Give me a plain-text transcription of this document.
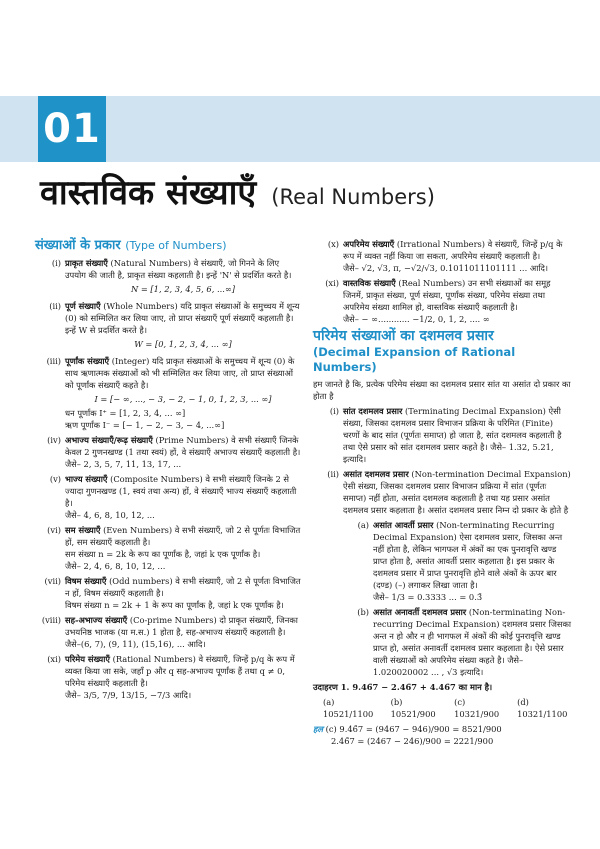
01
वास्तविक संख्याएँ (Real Numbers)
संख्याओं के प्रकार (Type of Numbers)
(i) प्राकृत संख्याएँ (Natural Numbers) वे संख्याएँ, जो गिनने के लिए उपयोग की जाती है, प्राकृत संख्या कहलाती है। इन्हें 'N' से प्रदर्शित करते है।
N = [1, 2, 3, 4, 5, 6, ...∞]
(ii) पूर्ण संख्याएँ (Whole Numbers) यदि प्राकृत संख्याओं के समुच्चय में शून्य (0) को सम्मिलित कर लिया जाए, तो प्राप्त संख्याएँ पूर्ण संख्याएँ कहलाती है। इन्हें W से प्रदर्शित करते है।
W = [0, 1, 2, 3, 4, ... ∞]
(iii) पूर्णांक संख्याएँ (Integer) यदि प्राकृत संख्याओं के समुच्चय में शून्य (0) के साथ ऋणात्मक संख्याओं को भी सम्मिलित कर लिया जाए, तो प्राप्त संख्याओं को पूर्णांक संख्याएँ कहते है।
I = [− ∞, ..., − 3, − 2, − 1, 0, 1, 2, 3, ... ∞]
धन पूर्णांक I⁺ = [1, 2, 3, 4, ... ∞]
ऋण पूर्णांक I⁻ = [− 1, − 2, − 3, − 4, ...∞]
(iv) अभाज्य संख्याएँ/रूढ़ संख्याएँ (Prime Numbers) वे सभी संख्याएँ जिनके केवल 2 गुणनखण्ड (1 तथा स्वयं) हों, वे संख्याएँ अभाज्य संख्याएँ कहलाती है।
जैसे– 2, 3, 5, 7, 11, 13, 17, ...
(v) भाज्य संख्याएँ (Composite Numbers) वे सभी संख्याएँ जिनके 2 से ज्यादा गुणनखण्ड (1, स्वयं तथा अन्य) हों, वे संख्याएँ भाज्य संख्याएँ कहलाती है।
जैसे– 4, 6, 8, 10, 12, ...
(vi) सम संख्याएँ (Even Numbers) वे सभी संख्याएँ, जो 2 से पूर्णतः विभाजित हों, सम संख्याएँ कहलाती है।
सम संख्या n = 2k के रूप का पूर्णांक है, जहां k एक पूर्णांक है।
जैसे– 2, 4, 6, 8, 10, 12, ...
(vii) विषम संख्याएँ (Odd numbers) वे सभी संख्याएँ, जो 2 से पूर्णतः विभाजित न हों, विषम संख्याएँ कहलाती है।
विषम संख्या n = 2k + 1 के रूप का पूर्णांक है, जहां k एक पूर्णांक है।
(viii) सह-अभाज्य संख्याएँ (Co-prime Numbers) दो प्राकृत संख्याएँ, जिनका उभयनिष्ठ भाजक (या म.स.) 1 होता है, सह-अभाज्य संख्याएँ कहलाती है।
जैसे–(6, 7), (9, 11), (15,16), ... आदि।
(xi) परिमेय संख्याएँ (Rational Numbers) वे संख्याएँ, जिन्हें p/q के रूप में व्यक्त किया जा सके, जहाँ p और q सह-अभाज्य पूर्णांक हैं तथा q ≠ 0, परिमेय संख्याएँ कहलाती है।
जैसे– 3/5, 7/9, 13/15, −7/3 आदि।
(x) अपरिमेय संख्याएँ (Irrational Numbers) वे संख्याएँ, जिन्हें p/q के रूप में व्यक्त नहीं किया जा सकता, अपरिमेय संख्याएँ कहलाती है।
जैसे– √2, √3, π, −√2/√3, 0.1011011101111 ... आदि।
(xi) वास्तविक संख्याएँ (Real Numbers) उन सभी संख्याओं का समूह जिनमें, प्राकृत संख्या, पूर्ण संख्या, पूर्णांक संख्या, परिमेय संख्या तथा अपरिमेय संख्या शामिल हो, वास्तविक संख्याएँ कहलाती है।
जैसे– − ∞............ −1/2, 0, 1, 2, .... ∞
परिमेय संख्याओं का दशमलव प्रसार
(Decimal Expansion of Rational Numbers)

हम जानते है कि, प्रत्येक परिमेय संख्या का दशमलव प्रसार सांत या असांत दो प्रकार का होता है

(i) सांत दशमलव प्रसार (Terminating Decimal Expansion) ऐसी संख्या, जिसका दशमलव प्रसार विभाजन प्रक्रिया के परिमित (Finite) चरणों के बाद सांत (पूर्णतः समाप्त) हो जाता है, सांत दशमलव कहलाती है तथा ऐसे प्रसार को सांत दशमलव प्रसार कहते है। जैसे– 1.32, 5.21, इत्यादि।
(ii) असांत दशमलव प्रसार (Non-termination Decimal Expansion) ऐसी संख्या, जिसका दशमलव प्रसार विभाजन प्रक्रिया में सांत (पूर्णतः समाप्त) नहीं होता, असांत दशमलव कहलाती है तथा यह प्रसार असांत दशमलव प्रसार कहलाता है। असांत दशमलव प्रसार निम्न दो प्रकार के होते है
(a) असांत आवर्ती प्रसार (Non-terminating Recurring Decimal Expansion) ऐसा दशमलव प्रसार, जिसका अन्त नहीं होता है, लेकिन भागफल में अंकों का एक पुनरावृत्ति खण्ड प्राप्त होता है, असांत आवर्ती प्रसार कहलाता है। इस प्रकार के दशमलव प्रसार में प्राप्त पुनरावृत्ति होने वाले अंकों के ऊपर बार (दण्ड) (–) लगाकर लिखा जाता है।
जैसे– 1/3 = 0.3333 ... = 0.3̄
(b) असांत अनावर्ती दशमलव प्रसार (Non-terminating Non-recurring Decimal Expansion) दशमलव प्रसार जिसका अन्त न हो और न ही भागफल में अंकों की कोई पुनरावृत्ति खण्ड प्राप्त हो, असांत अनावर्ती दशमलव प्रसार कहलाता है। ऐसे प्रसार वाली संख्याओं को अपरिमेय संख्या कहते है। जैसे–1.020020002 ... , √3 इत्यादि।
उदाहरण 1. 9.46̄7 − 2.46̄7 + 4.46̄7 का मान है।
(a) 10521/1100
(b) 10521/900
(c) 10321/900
(d) 10321/1100
हल (c) 9.46̄7 = (9467 − 946)/900 = 8521/900
2.46̄7 = (2467 − 246)/900 = 2221/900
